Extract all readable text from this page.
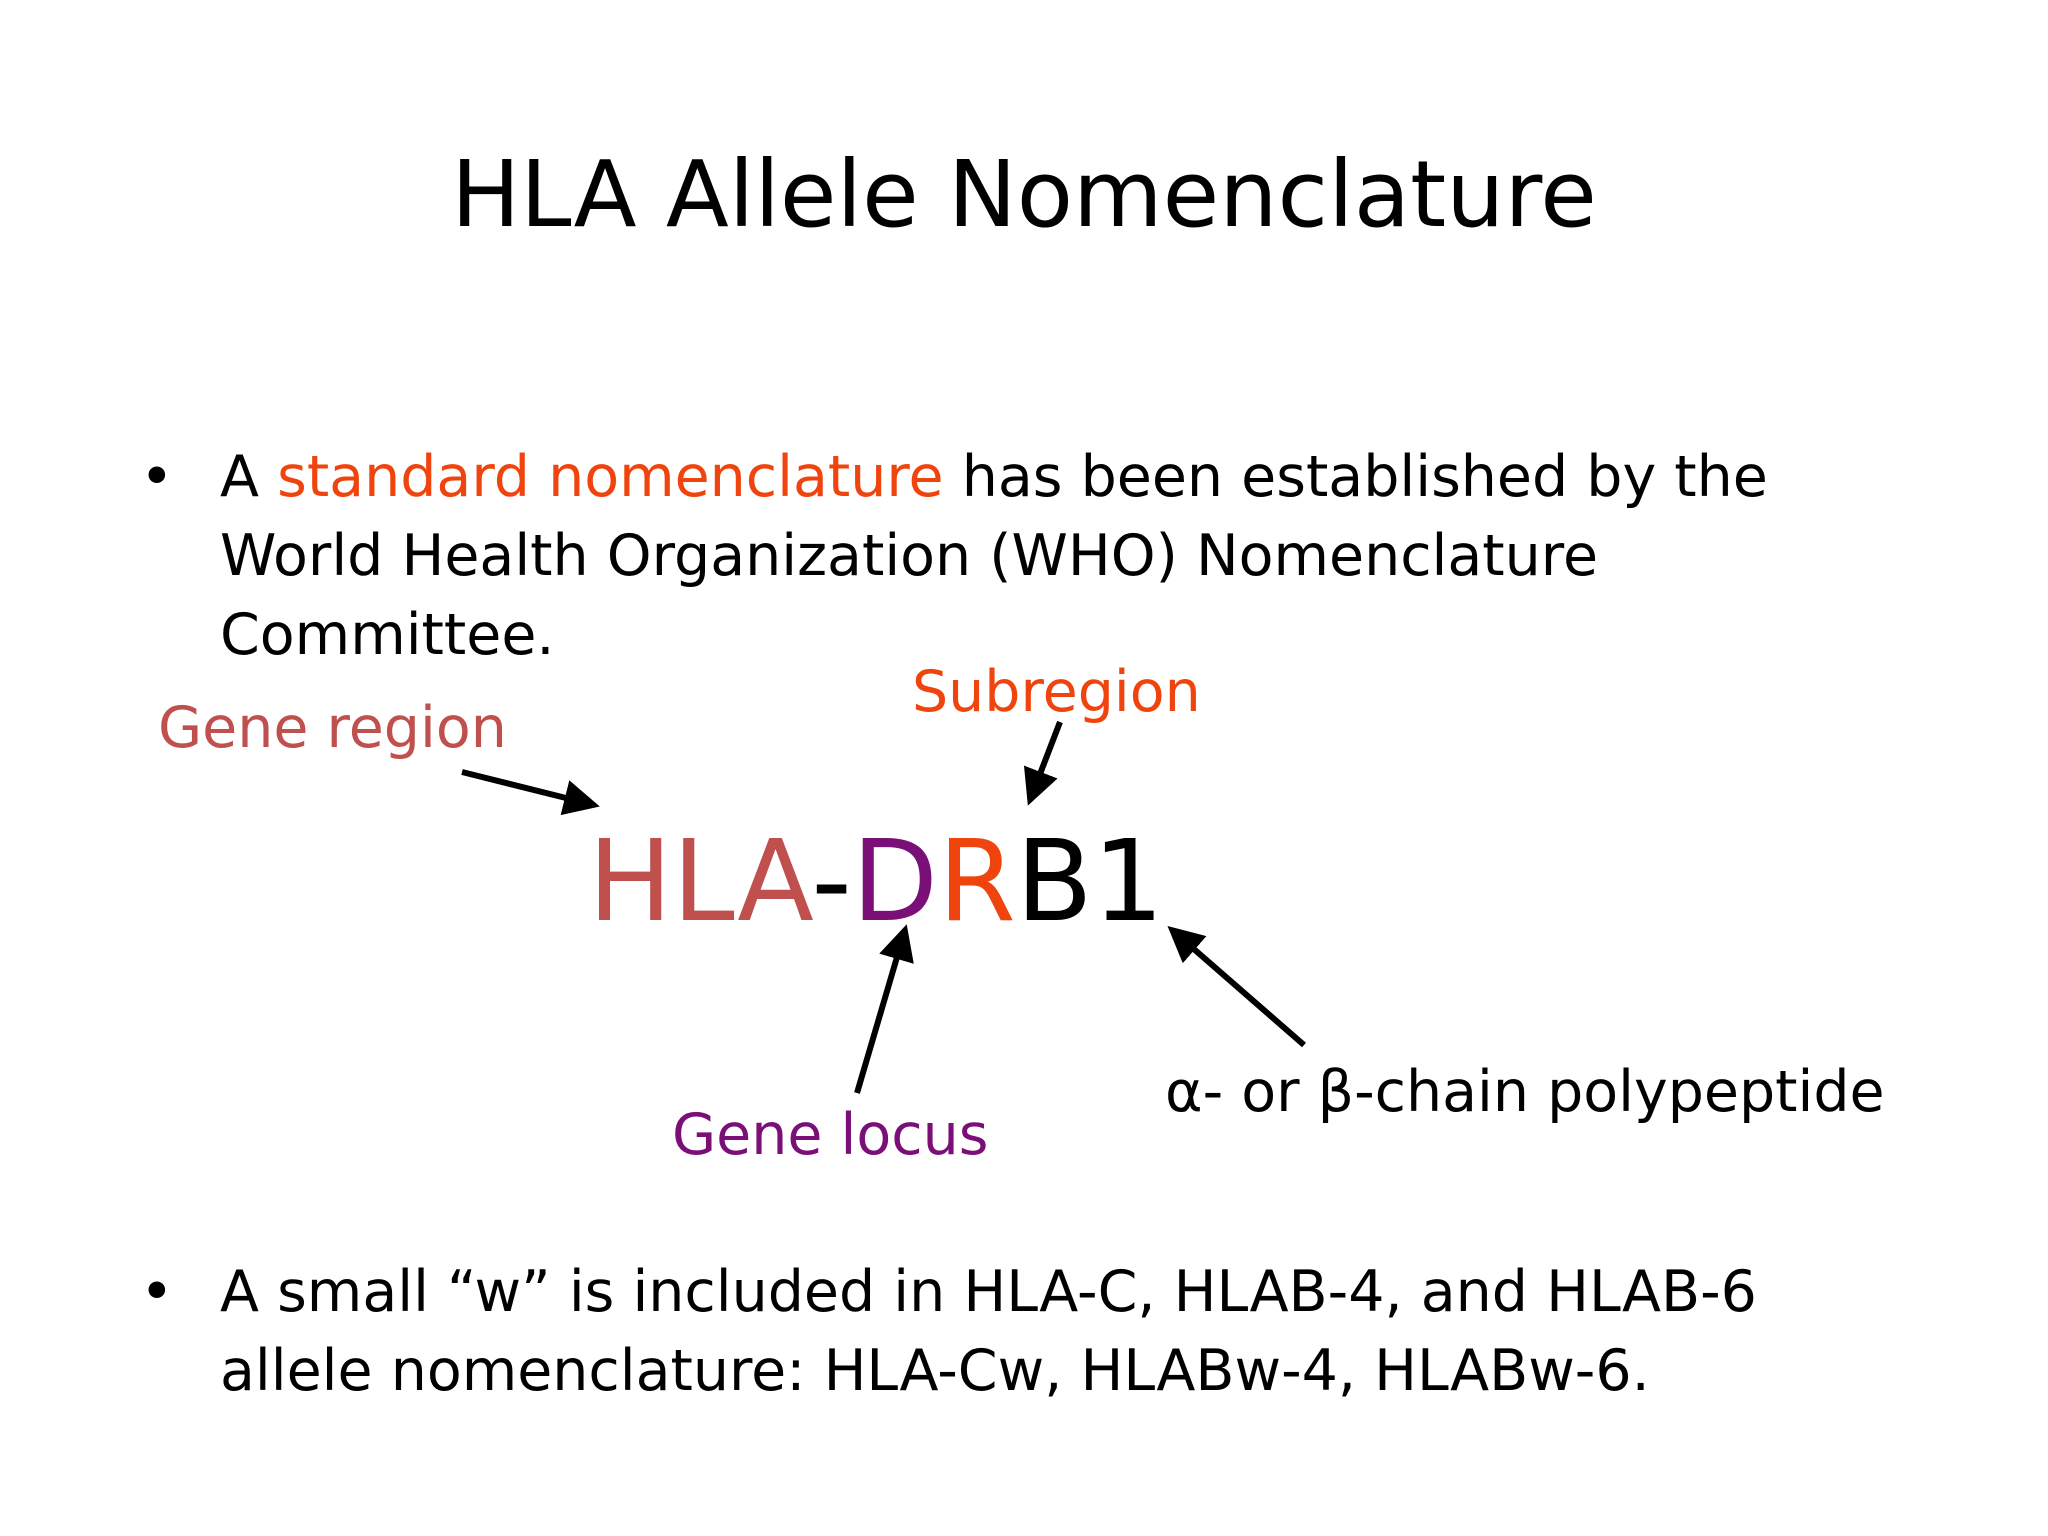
HLA Allele Nomenclature
• A standard nomenclature has been established by the
World Health Organization (WHO) Nomenclature
Committee.
Gene region
Subregion
HLA-DRB1
α- or β-chain polypeptide
Gene locus
• A small “w” is included in HLA-C, HLAB-4, and HLAB-6
allele nomenclature: HLA-Cw, HLABw-4, HLABw-6.
